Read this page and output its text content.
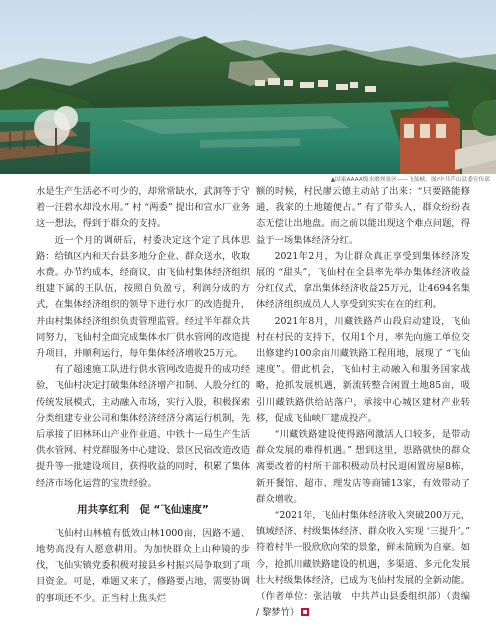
▲国家AAAA级水磨坝景区——飞仙峡。图/中共芦山县委宣传部

水是生产生活必不可少的，却常常缺水，武洞等于守着一汪碧水却没水用。” 村 “两委” 提出和宣水厂业务这一想法，得到于群众的支持。

近一个月的调研后，村委决定这个定了具体思路：给镇区内和天台县多地分企业、群众送水，收取水费。办节约成本，经商议，由飞仙村集体经济组织组建下属的王队伍，按照自负盈亏，利润分成的方式，在集体经济组织的领导下进行水厂的改造提升，并由村集体经济组织负责管理监管。经过半年群众共同努力，飞仙村全面完成集体水厂供水管网的改造提升项目，并顺利运行，每年集体经济增收25万元。

有了超速施工队进行供水管网改造提升的成功经验，飞仙村决定打破集体经济增产扣制、人股分红的传统发展模式，主动融入市场，实行入股，积极探索分类组建专业公司和集体经济经济分离运行机制，先后承接了旧林环山产业作业道、中铁十一局生产生活供水管网、村党群服务中心建设、景区民宿改造改造提升等一批建设项目，获得收益的同时，积累了集体经济市场化运营的宝贵经验。

用共享红利　促 “飞仙速度”

飞仙村山林植有低效山林1000亩，因路不通、地势高没有人愿意耕用。为加快群众上山种镜的步伐，飞仙实镇党委积极对接县乡村振兴局争取到了项目资金。可是，难题又来了，修路要占地，需要协调的事项还不少。正当村上焦头烂

额的时候，村民廖云德主动站了出来：“只要路能修通，我家的土地随便占。” 有了带头人，群众纷纷表态无偿让出地盘。而之前以能出现这个难点问题，得益于一场集体经济分红。

2021年2月，为让群众真正享受到集体经济发展的 “甜头”，飞仙村在全县率先举办集体经济收益分红仪式，拿出集体经济收益25万元，让4694名集体经济组织成员人人享受到实实在在的红利。

2021年8月，川藏铁路芦山段启动建设，飞仙村在村民的支持下，仅用1个月，率先向施工单位交出修建约100余亩川藏铁路工程用地，展现了 “飞仙速度”。借此机会，飞仙村主动融入和服务国家战略，抢抓发展机遇，新流转整合闲置土地85亩，吸引川藏铁路供给站落户，承接中心城区建材产业转移，促成飞仙峡厂建成投产。

“川藏铁路建设使得路网激活人口较多，是带动群众发展的难得机遇。” 想到这里，思路就快的群众离要改着的村所干部积极动员村民退闲置房屋8栋，新开餐馆、超市、理发店等商铺13家，有效带动了群众增收。

“2021年，飞仙村集体经济收入突破200万元，镇域经济、村级集体经济、群众收入实现 ‘三提升’。” 符着村半一股欣欣向荣的景象，鲜未简顾为自豪。如今，抢抓川藏铁路建设的机遇，多渠道、多元化发展壮大村级集体经济，已成为飞仙村发展的全新动能。（作者单位：张洁敏　中共芦山县委组织部）（责编 / 黎梦竹）
